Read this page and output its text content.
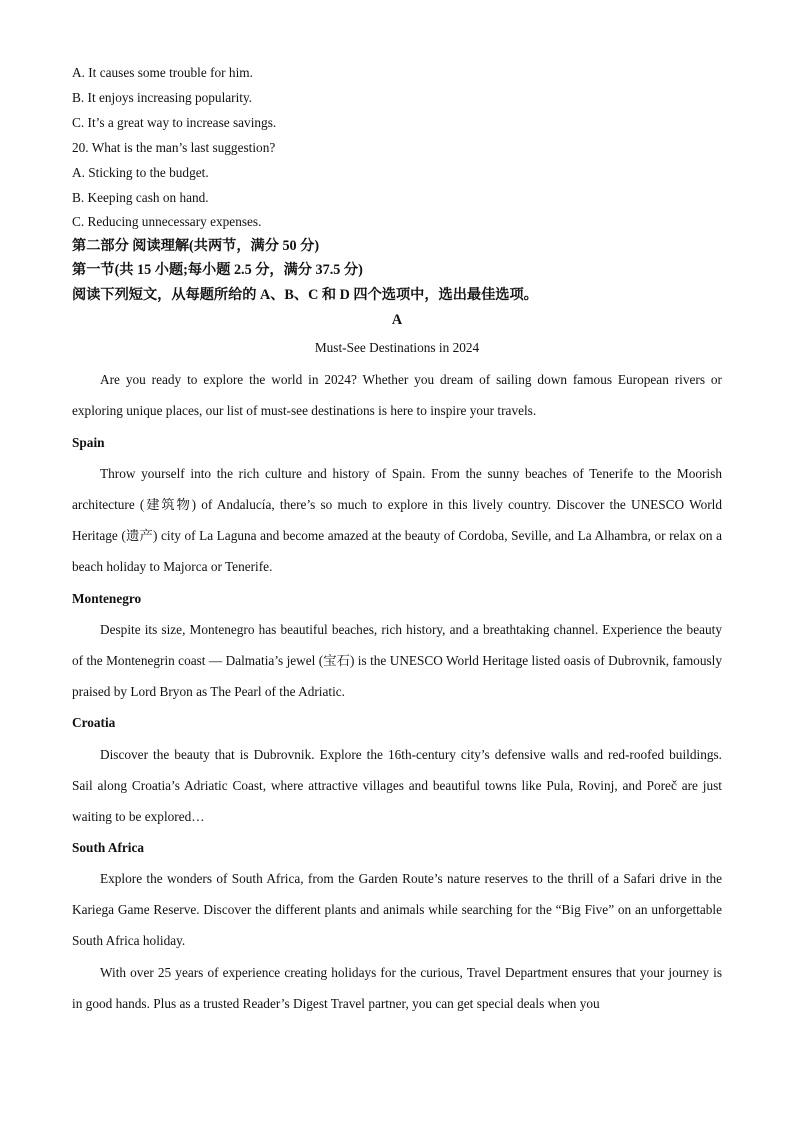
A. It causes some trouble for him.
B. It enjoys increasing popularity.
C. It’s a great way to increase savings.
20. What is the man’s last suggestion?
A. Sticking to the budget.
B. Keeping cash on hand.
C. Reducing unnecessary expenses.
第二部分 阅读理解(共两节，满分 50 分)
第一节(共 15 小题;每小题 2.5 分，满分 37.5 分)
阅读下列短文，从每题所给的 A、B、C 和 D 四个选项中，选出最佳选项。
A
Must-See Destinations in 2024

Are you ready to explore the world in 2024? Whether you dream of sailing down famous European rivers or exploring unique places, our list of must-see destinations is here to inspire your travels.

Spain

Throw yourself into the rich culture and history of Spain. From the sunny beaches of Tenerife to the Moorish architecture (建筑物) of Andalucía, there’s so much to explore in this lively country. Discover the UNESCO World Heritage (遗产) city of La Laguna and become amazed at the beauty of Cordoba, Seville, and La Alhambra, or relax on a beach holiday to Majorca or Tenerife.

Montenegro

Despite its size, Montenegro has beautiful beaches, rich history, and a breathtaking channel. Experience the beauty of the Montenegrin coast — Dalmatia’s jewel (宝石) is the UNESCO World Heritage listed oasis of Dubrovnik, famously praised by Lord Bryon as The Pearl of the Adriatic.

Croatia

Discover the beauty that is Dubrovnik. Explore the 16th-century city’s defensive walls and red-roofed buildings. Sail along Croatia’s Adriatic Coast, where attractive villages and beautiful towns like Pula, Rovinj, and Poreč are just waiting to be explored…

South Africa

Explore the wonders of South Africa, from the Garden Route’s nature reserves to the thrill of a Safari drive in the Kariega Game Reserve. Discover the different plants and animals while searching for the “Big Five” on an unforgettable South Africa holiday.

With over 25 years of experience creating holidays for the curious, Travel Department ensures that your journey is in good hands. Plus as a trusted Reader’s Digest Travel partner, you can get special deals when you
